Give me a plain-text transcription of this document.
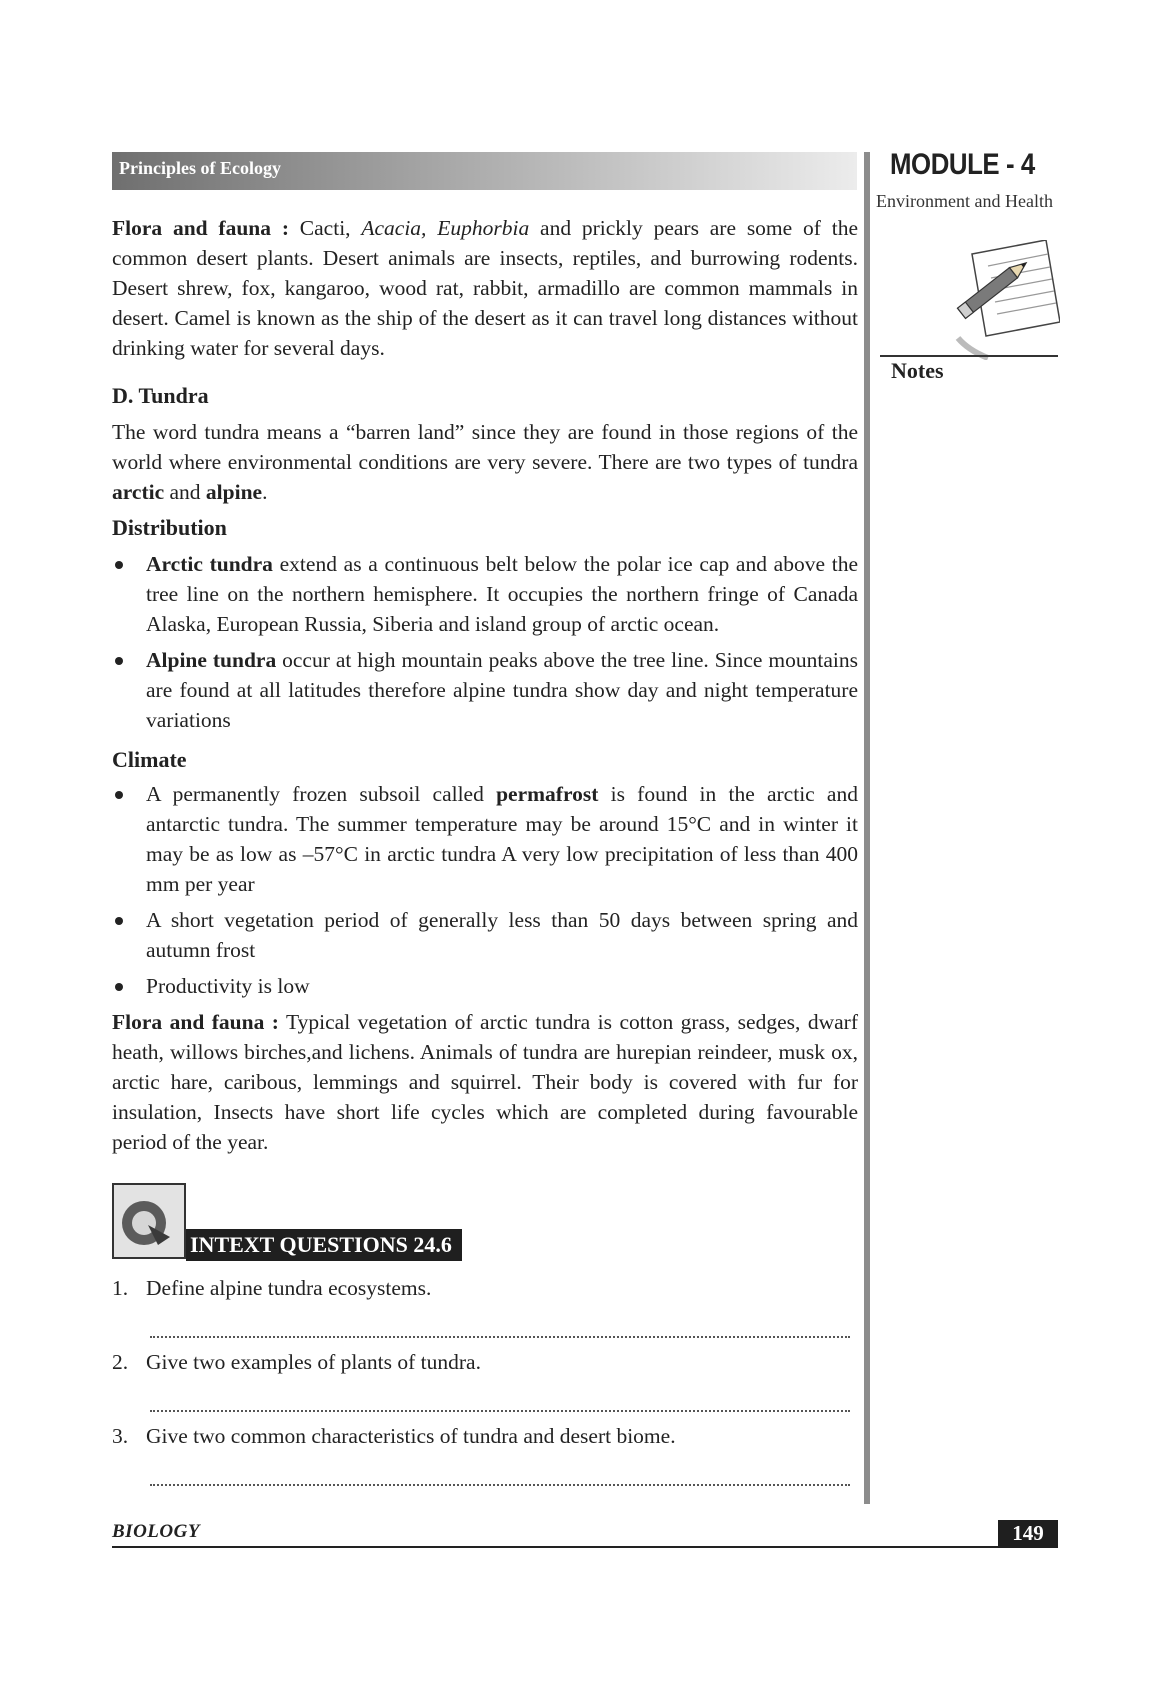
Principles of Ecology	MODULE - 4
Environment and Health
Notes

Flora and fauna : Cacti, Acacia, Euphorbia and prickly pears are some of the common desert plants. Desert animals are insects, reptiles, and burrowing rodents. Desert shrew, fox, kangaroo, wood rat, rabbit, armadillo are common mammals in desert. Camel is known as the ship of the desert as it can travel long distances without drinking water for several days.

D. Tundra

The word tundra means a “barren land” since they are found in those regions of the world where environmental conditions are very severe. There are two types of tundra arctic and alpine.

Distribution

Arctic tundra extend as a continuous belt below the polar ice cap and above the tree line on the northern hemisphere. It occupies the northern fringe of Canada Alaska, European Russia, Siberia and island group of arctic ocean.
Alpine tundra occur at high mountain peaks above the tree line. Since mountains are found at all latitudes therefore alpine tundra show day and night temperature variations

Climate

A permanently frozen subsoil called permafrost is found in the arctic and antarctic tundra. The summer temperature may be around 15°C and in winter it may be as low as –57°C in arctic tundra A very low precipitation of less than 400 mm per year
A short vegetation period of generally less than 50 days between spring and autumn frost
Productivity is low

Flora and fauna : Typical vegetation of arctic tundra is cotton grass, sedges, dwarf heath, willows birches,and lichens. Animals of tundra are hurepian reindeer, musk ox, arctic hare, caribous, lemmings and squirrel. Their body is covered with fur for insulation, Insects have short life cycles which are completed during favourable period of the year.

INTEXT QUESTIONS 24.6
1. Define alpine tundra ecosystems.
2. Give two examples of plants of tundra.
3. Give two common characteristics of tundra and desert biome.
BIOLOGY	149
